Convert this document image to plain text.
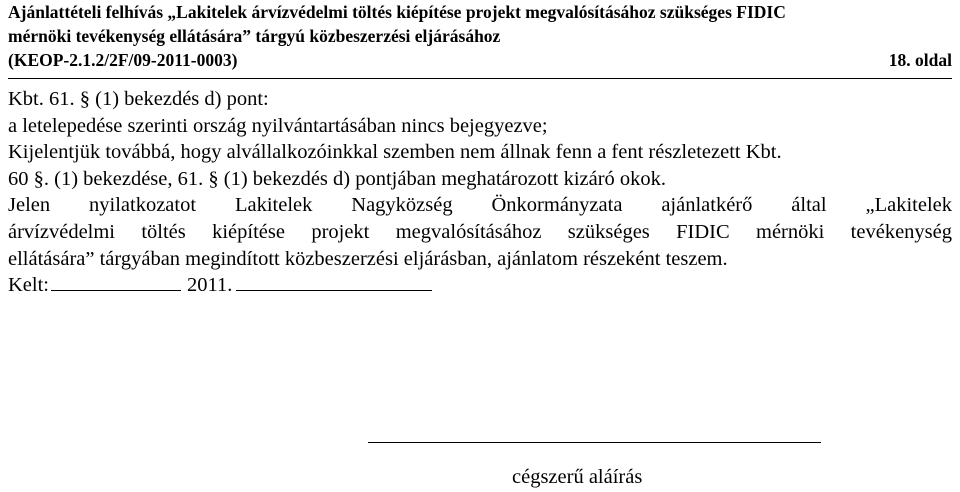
Ajánlattételi felhívás „Lakitelek árvízvédelmi töltés kiépítése projekt megvalósításához szükséges FIDIC
mérnöki tevékenység ellátására” tárgyú közbeszerzési eljárásához
(KEOP-2.1.2/2F/09-2011-0003)	18. oldal
Kbt. 61. § (1) bekezdés d) pont:
a letelepedése szerinti ország nyilvántartásában nincs bejegyezve;
Kijelentjük továbbá, hogy alvállalkozóinkkal szemben nem állnak fenn a fent részletezett Kbt.
60 §. (1) bekezdése, 61. § (1) bekezdés d) pontjában meghatározott kizáró okok.
Jelen nyilatkozatot Lakitelek Nagyközség Önkormányzata ajánlatkérő által „Lakitelek
árvízvédelmi töltés kiépítése projekt megvalósításához szükséges FIDIC mérnöki tevékenység
ellátására” tárgyában megindított közbeszerzési eljárásban, ajánlatom részeként teszem.
Kelt:	2011.
cégszerű aláírás
